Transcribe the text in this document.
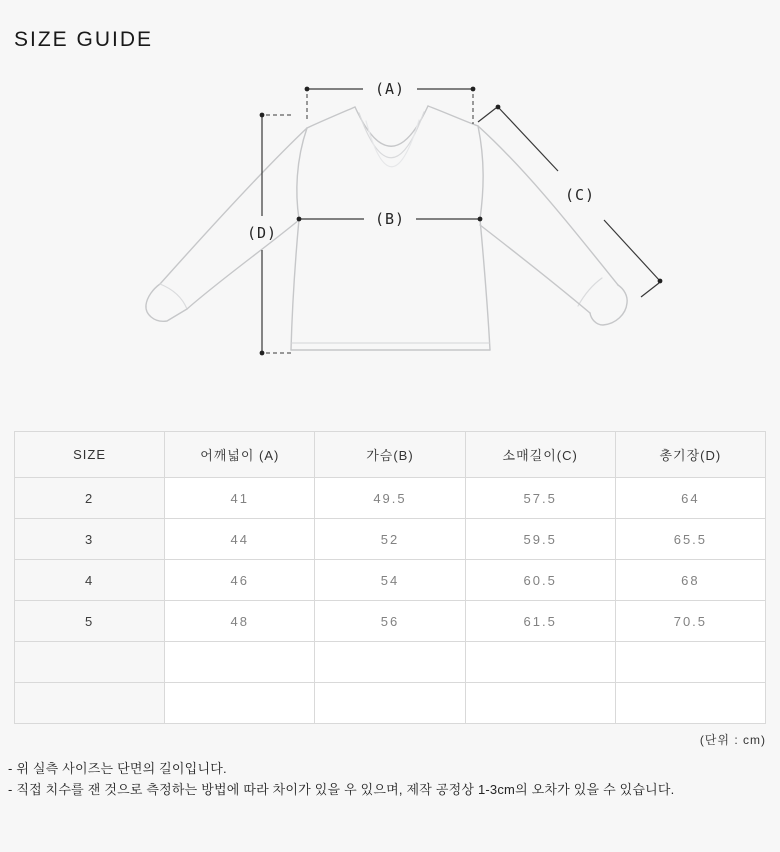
SIZE GUIDE
(A)
(B)
(C)
(D)
SIZE	어깨넓이 (A)	가슴(B)	소매길이(C)	총기장(D)
2	41	49.5	57.5	64
3	44	52	59.5	65.5
4	46	54	60.5	68
5	48	56	61.5	70.5

(단위 : cm)
- 위 실측 사이즈는 단면의 길이입니다.
- 직접 치수를 잰 것으로 측정하는 방법에 따라 차이가 있을 우 있으며, 제작 공정상 1-3cm의 오차가 있을 수 있습니다.
